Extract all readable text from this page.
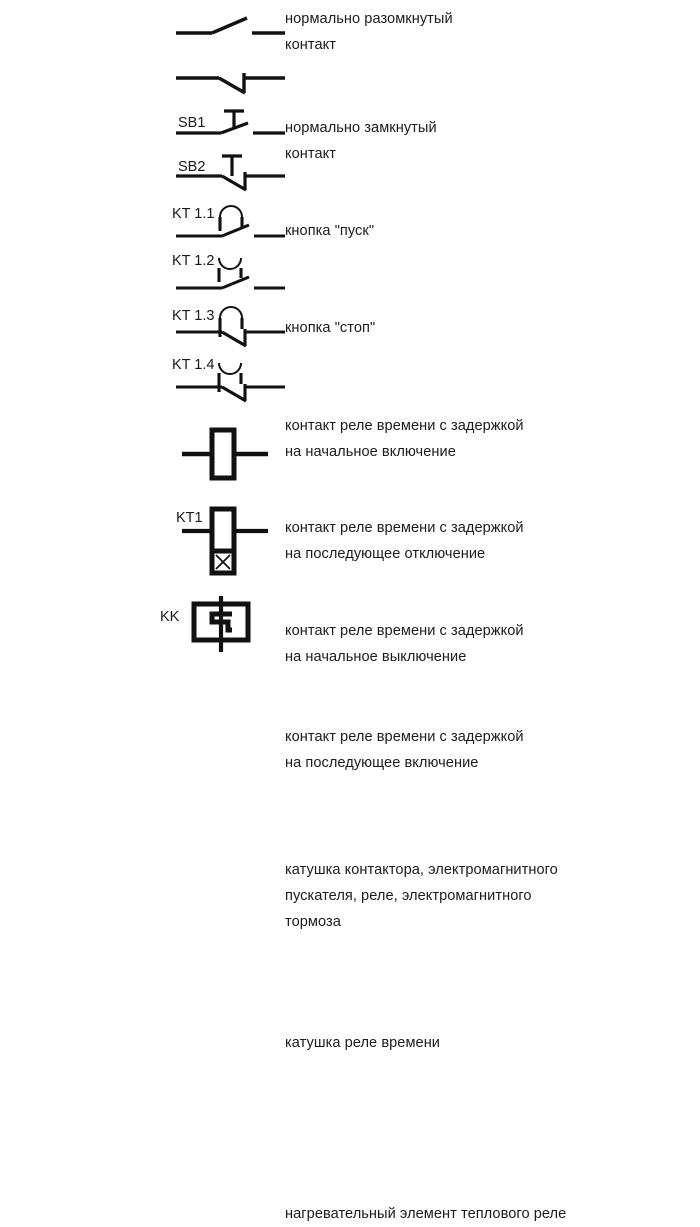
нормально разомкнутый
контакт
нормально замкнутый
контакт
SB1
кнопка "пуск"
SB2
кнопка "стоп"
KT 1.1
контакт реле времени с задержкой
на начальное включение
KT 1.2
контакт реле времени с задержкой
на последующее отключение
KT 1.3
контакт реле времени с задержкой
на начальное выключение
KT 1.4
контакт реле времени с задержкой
на последующее включение
катушка контактора, электромагнитного
пускателя, реле, электромагнитного
тормоза
KT1
катушка реле времени
KK
нагревательный элемент теплового реле
